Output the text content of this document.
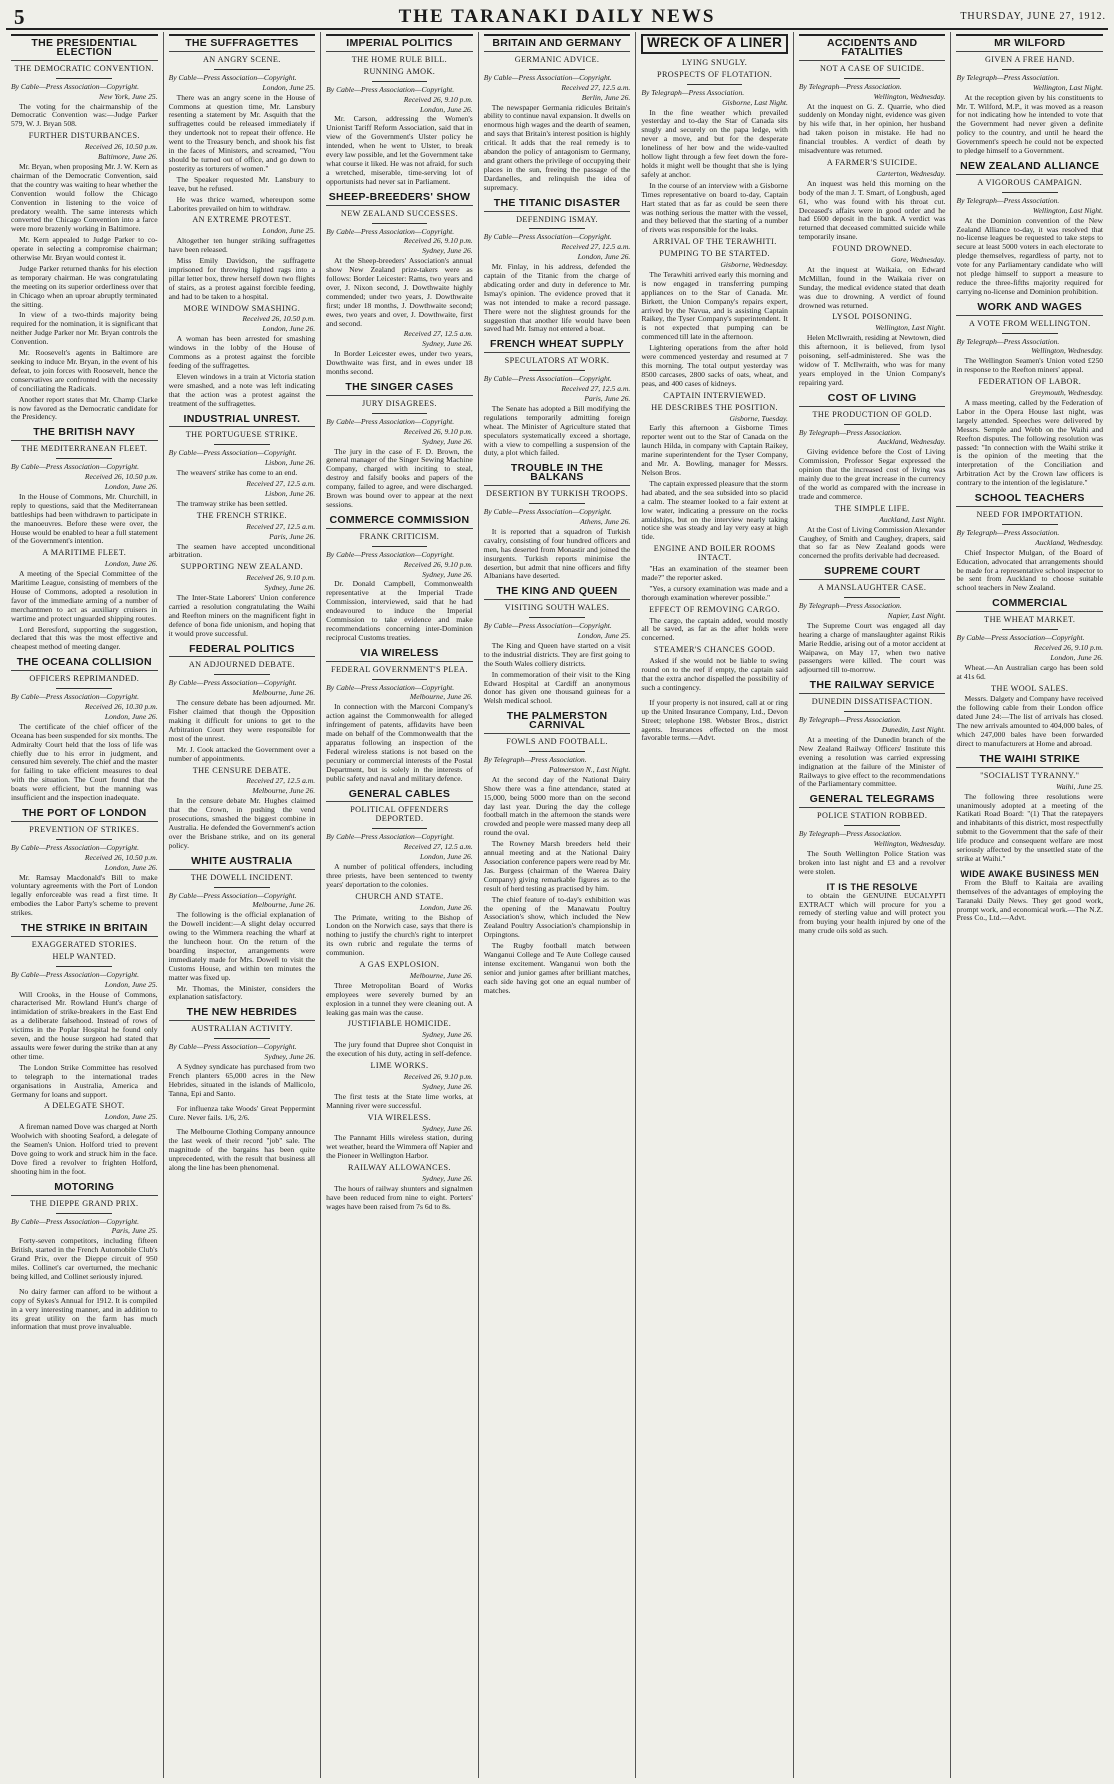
5	THE TARANAKI DAILY NEWS	THURSDAY, JUNE 27, 1912.
THE PRESIDENTIAL ELECTION
THE DEMOCRATIC CONVENTION.
By Cable—Press Association—Copyright.
New York, June 25.
The voting for the chairmanship of the Democratic Convention was:—Judge Parker 579, W. J. Bryan 508.
FURTHER DISTURBANCES.
Received 26, 10.50 p.m.
Baltimore, June 26.
Mr. Bryan, when proposing Mr. J. W. Kern as chairman of the Democratic Convention, said that the country was waiting to hear whether the Convention would follow the Chicago Convention in listening to the voice of predatory wealth. The same interests which converted the Chicago Convention into a farce were more brazenly working in Baltimore.
Mr. Kern appealed to Judge Parker to co-operate in selecting a compromise chairman; otherwise Mr. Bryan would contest it.
Judge Parker returned thanks for his election as temporary chairman. He was congratulating the meeting on its superior orderliness over that in Chicago when an uproar abruptly terminated the sitting.
In view of a two-thirds majority being required for the nomination, it is significant that neither Judge Parker nor Mr. Bryan controls the Convention.
Mr. Roosevelt's agents in Baltimore are seeking to induce Mr. Bryan, in the event of his defeat, to join forces with Roosevelt, hence the conservatives are confronted with the necessity of conciliating the Radicals.
Another report states that Mr. Champ Clarke is now favored as the Democratic candidate for the Presidency.
THE BRITISH NAVY
THE MEDITERRANEAN FLEET.
By Cable—Press Association—Copyright.
Received 26, 10.50 p.m.
London, June 26.
In the House of Commons, Mr. Churchill, in reply to questions, said that the Mediterranean battleships had been withdrawn to participate in the manoeuvres. Before these were over, the House would be enabled to hear a full statement of the Government's intention.
A MARITIME FLEET.
London, June 26.
A meeting of the Special Committee of the Maritime League, consisting of members of the House of Commons, adopted a resolution in favor of the immediate arming of a number of merchantmen to act as auxiliary cruisers in wartime and protect unguarded shipping routes.
Lord Beresford, supporting the suggestion, declared that this was the most effective and cheapest method of meeting danger.
THE OCEANA COLLISION
OFFICERS REPRIMANDED.
By Cable—Press Association—Copyright.
Received 26, 10.30 p.m.
London, June 26.
The certificate of the chief officer of the Oceana has been suspended for six months. The Admiralty Court held that the loss of life was chiefly due to his error in judgment, and censured him severely. The chief and the master for failing to take efficient measures to deal with the situation. The Court found that the boats were efficient, but the manning was insufficient and the inspection inadequate.
THE PORT OF LONDON
PREVENTION OF STRIKES.
By Cable—Press Association—Copyright.
Received 26, 10.50 p.m.
London, June 26.
Mr. Ramsay Macdonald's Bill to make voluntary agreements with the Port of London legally enforceable was read a first time. It embodies the Labor Party's scheme to prevent strikes.
THE STRIKE IN BRITAIN
EXAGGERATED STORIES.
HELP WANTED.
By Cable—Press Association—Copyright.
London, June 25.
Will Crooks, in the House of Commons, characterised Mr. Rowland Hunt's charge of intimidation of strike-breakers in the East End as a deliberate falsehood. Instead of rows of victims in the Poplar Hospital he found only seven, and the house surgeon had stated that assaults were fewer during the strike than at any other time.
The London Strike Committee has resolved to telegraph to the international trades organisations in Australia, America and Germany for loans and support.
A DELEGATE SHOT.
London, June 25.
A fireman named Dove was charged at North Woolwich with shooting Seaford, a delegate of the Seamen's Union. Holford tried to prevent Dove going to work and struck him in the face. Dove fired a revolver to frighten Holford, shooting him in the foot.
MOTORING
THE DIEPPE GRAND PRIX.
By Cable—Press Association—Copyright.
Paris, June 25.
Forty-seven competitors, including fifteen British, started in the French Automobile Club's Grand Prix, over the Dieppe circuit of 950 miles. Collinet's car overturned, the mechanic being killed, and Collinet seriously injured.
No dairy farmer can afford to be without a copy of Sykes's Annual for 1912. It is compiled in a very interesting manner, and in addition to its great utility on the farm has much information that must prove invaluable.
THE SUFFRAGETTES
AN ANGRY SCENE.
By Cable—Press Association—Copyright.
London, June 25.
There was an angry scene in the House of Commons at question time, Mr. Lansbury resenting a statement by Mr. Asquith that the suffragettes could be released immediately if they undertook not to repeat their offence. He went to the Treasury bench, and shook his fist in the faces of Ministers, and screamed, "You should be turned out of office, and go down to posterity as torturers of women."
The Speaker requested Mr. Lansbury to leave, but he refused.
He was thrice warned, whereupon some Laborites prevailed on him to withdraw.
AN EXTREME PROTEST.
London, June 25.
Altogether ten hunger striking suffragettes have been released.
Miss Emily Davidson, the suffragette imprisoned for throwing lighted rags into a pillar letter box, threw herself down two flights of stairs, as a protest against forcible feeding, and had to be taken to a hospital.
MORE WINDOW SMASHING.
Received 26, 10.50 p.m.
London, June 26.
A woman has been arrested for smashing windows in the lobby of the House of Commons as a protest against the forcible feeding of the suffragettes.
Eleven windows in a train at Victoria station were smashed, and a note was left indicating that the action was a protest against the treatment of the suffragettes.
INDUSTRIAL UNREST.
THE PORTUGUESE STRIKE.
By Cable—Press Association—Copyright.
Lisbon, June 26.
The weavers' strike has come to an end.
Received 27, 12.5 a.m.
Lisbon, June 26.
The tramway strike has been settled.
THE FRENCH STRIKE.
Received 27, 12.5 a.m.
Paris, June 26.
The seamen have accepted unconditional arbitration.
SUPPORTING NEW ZEALAND.
Received 26, 9.10 p.m.
Sydney, June 26.
The Inter-State Laborers' Union conference carried a resolution congratulating the Waihi and Reefton miners on the magnificent fight in defence of bona fide unionism, and hoping that it would prove successful.
FEDERAL POLITICS
AN ADJOURNED DEBATE.
By Cable—Press Association—Copyright.
Melbourne, June 26.
The censure debate has been adjourned. Mr. Fisher claimed that though the Opposition making it difficult for unions to get to the Arbitration Court they were responsible for most of the unrest.
Mr. J. Cook attacked the Government over a number of appointments.
THE CENSURE DEBATE.
Received 27, 12.5 a.m.
Melbourne, June 26.
In the censure debate Mr. Hughes claimed that the Crown, in pushing the vend prosecutions, smashed the biggest combine in Australia. He defended the Government's action over the Brisbane strike, and on its general policy.
WHITE AUSTRALIA
THE DOWELL INCIDENT.
By Cable—Press Association—Copyright.
Melbourne, June 26.
The following is the official explanation of the Dowell incident:—A slight delay occurred owing to the Wimmera reaching the wharf at the luncheon hour. On the return of the boarding inspector, arrangements were immediately made for Mrs. Dowell to visit the Customs House, and within ten minutes the matter was fixed up.
Mr. Thomas, the Minister, considers the explanation satisfactory.
THE NEW HEBRIDES
AUSTRALIAN ACTIVITY.
By Cable—Press Association—Copyright.
Sydney, June 26.
A Sydney syndicate has purchased from two French planters 65,000 acres in the New Hebrides, situated in the islands of Mallicolo, Tanna, Epi and Santo.
For influenza take Woods' Great Peppermint Cure. Never fails. 1/6, 2/6.
The Melbourne Clothing Company announce the last week of their record "job" sale. The magnitude of the bargains has been quite unprecedented, with the result that business all along the line has been phenomenal.
IMPERIAL POLITICS
THE HOME RULE BILL.
RUNNING AMOK.
By Cable—Press Association—Copyright.
Received 26, 9.10 p.m.
London, June 26.
Mr. Carson, addressing the Women's Unionist Tariff Reform Association, said that in view of the Government's Ulster policy he intended, when he went to Ulster, to break every law possible, and let the Government take what course it liked. He was not afraid, for such a wretched, miserable, time-serving lot of opportunists had never sat in Parliament.
SHEEP-BREEDERS' SHOW
NEW ZEALAND SUCCESSES.
By Cable—Press Association—Copyright.
Received 26, 9.10 p.m.
Sydney, June 26.
At the Sheep-breeders' Association's annual show New Zealand prize-takers were as follows: Border Leicester: Rams, two years and over, J. Nixon second, J. Dowthwaite highly commended; under two years, J. Dowthwaite first; under 18 months, J. Dowthwaite second; ewes, two years and over, J. Dowthwaite, first and second.
Received 27, 12.5 a.m.
Sydney, June 26.
In Border Leicester ewes, under two years, Dowthwaite was first, and in ewes under 18 months second.
THE SINGER CASES
JURY DISAGREES.
By Cable—Press Association—Copyright.
Received 26, 9.10 p.m.
Sydney, June 26.
The jury in the case of F. D. Brown, the general manager of the Singer Sewing Machine Company, charged with inciting to steal, destroy and falsify books and papers of the company, failed to agree, and were discharged. Brown was bound over to appear at the next sessions.
COMMERCE COMMISSION
FRANK CRITICISM.
By Cable—Press Association—Copyright.
Received 26, 9.10 p.m.
Sydney, June 26.
Dr. Donald Campbell, Commonwealth representative at the Imperial Trade Commission, interviewed, said that he had endeavoured to induce the Imperial Commission to take evidence and make recommendations concerning inter-Dominion reciprocal Customs treaties.
VIA WIRELESS
FEDERAL GOVERNMENT'S PLEA.
By Cable—Press Association—Copyright.
Melbourne, June 26.
In connection with the Marconi Company's action against the Commonwealth for alleged infringement of patents, affidavits have been made on behalf of the Commonwealth that the apparatus following an inspection of the Federal wireless stations is not based on the pecuniary or commercial interests of the Postal Department, but is solely in the interests of public safety and naval and military defence.
GENERAL CABLES
POLITICAL OFFENDERS DEPORTED.
By Cable—Press Association—Copyright.
Received 27, 12.5 a.m.
London, June 26.
A number of political offenders, including three priests, have been sentenced to twenty years' deportation to the colonies.
CHURCH AND STATE.
London, June 26.
The Primate, writing to the Bishop of London on the Norwich case, says that there is nothing to justify the church's right to interpret its own rubric and regulate the terms of communion.
A GAS EXPLOSION.
Melbourne, June 26.
Three Metropolitan Board of Works employees were severely burned by an explosion in a tunnel they were cleaning out. A leaking gas main was the cause.
JUSTIFIABLE HOMICIDE.
Sydney, June 26.
The jury found that Dupree shot Conquist in the execution of his duty, acting in self-defence.
LIME WORKS.
Received 26, 9.10 p.m.
Sydney, June 26.
The first tests at the State lime works, at Manning river were successful.
VIA WIRELESS.
Sydney, June 26.
The Pannamt Hills wireless station, during wet weather, heard the Wimmera off Napier and the Pioneer in Wellington Harbor.
RAILWAY ALLOWANCES.
Sydney, June 26.
The hours of railway shunters and signalmen have been reduced from nine to eight. Porters' wages have been raised from 7s 6d to 8s.
BRITAIN AND GERMANY
GERMANIC ADVICE.
By Cable—Press Association—Copyright.
Received 27, 12.5 a.m.
Berlin, June 26.
The newspaper Germania ridicules Britain's ability to continue naval expansion. It dwells on enormous high wages and the dearth of seamen, and says that Britain's interest position is highly critical. It adds that the real remedy is to abandon the policy of antagonism to Germany, and grant others the privilege of occupying their places in the sun, freeing the passage of the Dardanelles, and relinquish the idea of supremacy.
THE TITANIC DISASTER
DEFENDING ISMAY.
By Cable—Press Association—Copyright.
Received 27, 12.5 a.m.
London, June 26.
Mr. Finlay, in his address, defended the captain of the Titanic from the charge of abdicating order and duty in deference to Mr. Ismay's opinion. The evidence proved that it was not intended to make a record passage. There were not the slightest grounds for the suggestion that another life would have been saved had Mr. Ismay not entered a boat.
FRENCH WHEAT SUPPLY
SPECULATORS AT WORK.
By Cable—Press Association—Copyright.
Received 27, 12.5 a.m.
Paris, June 26.
The Senate has adopted a Bill modifying the regulations temporarily admitting foreign wheat. The Minister of Agriculture stated that speculators systematically exceed a shortage, with a view to compelling a suspension of the duty, a plot which failed.
TROUBLE IN THE BALKANS
DESERTION BY TURKISH TROOPS.
By Cable—Press Association—Copyright.
Athens, June 26.
It is reported that a squadron of Turkish cavalry, consisting of four hundred officers and men, has deserted from Monastir and joined the insurgents. Turkish reports minimise the desertion, but admit that nine officers and fifty Albanians have deserted.
THE KING AND QUEEN
VISITING SOUTH WALES.
By Cable—Press Association—Copyright.
London, June 25.
The King and Queen have started on a visit to the industrial districts. They are first going to the South Wales colliery districts.
In commemoration of their visit to the King Edward Hospital at Cardiff an anonymous donor has given one thousand guineas for a Welsh medical school.
THE PALMERSTON CARNIVAL
FOWLS AND FOOTBALL.
By Telegraph—Press Association.
Palmerston N., Last Night.
At the second day of the National Dairy Show there was a fine attendance, stated at 15,000, being 5000 more than on the second day last year. During the day the college football match in the afternoon the stands were crowded and people were massed many deep all round the oval.
The Rowney Marsh breeders held their annual meeting and at the National Dairy Association conference papers were read by Mr. Jas. Burgess (chairman of the Waerea Dairy Company) giving remarkable figures as to the result of herd testing as practised by him.
The chief feature of to-day's exhibition was the opening of the Manawatu Poultry Association's show, which included the New Zealand Poultry Association's championship in Orpingtons.
The Rugby football match between Wanganui College and Te Aute College caused intense excitement. Wanganui won both the senior and junior games after brilliant matches, each side having got one an equal number of matches.
WRECK OF A LINER
LYING SNUGLY.
PROSPECTS OF FLOTATION.
By Telegraph—Press Association.
Gisborne, Last Night.
In the fine weather which prevailed yesterday and to-day the Star of Canada sits snugly and securely on the papa ledge, with never a move, and but for the desperate loneliness of her bow and the wide-vaulted hollow light through a few feet down the fore-holds it might well be thought that she is lying safely at anchor.
In the course of an interview with a Gisborne Times representative on board to-day, Captain Hart stated that as far as could be seen there was nothing serious the matter with the vessel, and they believed that the starting of a number of rivets was responsible for the leaks.
ARRIVAL OF THE TERAWHITI.
PUMPING TO BE STARTED.
Gisborne, Wednesday.
The Terawhiti arrived early this morning and is now engaged in transferring pumping appliances on to the Star of Canada. Mr. Birkett, the Union Company's repairs expert, arrived by the Navua, and is assisting Captain Raikey, the Tyser Company's superintendent. It is not expected that pumping can be commenced till late in the afternoon.
Lightering operations from the after hold were commenced yesterday and resumed at 7 this morning. The total output yesterday was 8500 carcases, 2800 sacks of oats, wheat, and peas, and 400 cases of kidneys.
CAPTAIN INTERVIEWED.
HE DESCRIBES THE POSITION.
Gisborne, Tuesday.
Early this afternoon a Gisborne Times reporter went out to the Star of Canada on the launch Hilda, in company with Captain Raikey, marine superintendent for the Tyser Company, and Mr. A. Bowling, manager for Messrs. Nelson Bros.
The captain expressed pleasure that the storm had abated, and the sea subsided into so placid a calm. The steamer looked to a fair extent at low water, indicating a pressure on the rocks amidships, but on the interview nearly taking notice she was steady and lay very easy at high tide.
ENGINE AND BOILER ROOMS INTACT.
"Has an examination of the steamer been made?" the reporter asked.
"Yes, a cursory examination was made and a thorough examination wherever possible."
EFFECT OF REMOVING CARGO.
The cargo, the captain added, would mostly all be saved, as far as the after holds were concerned.
STEAMER'S CHANCES GOOD.
Asked if she would not be liable to swing round on to the reef if empty, the captain said that the extra anchor dispelled the possibility of such a contingency.
If your property is not insured, call at or ring up the United Insurance Company, Ltd., Devon Street; telephone 198. Webster Bros., district agents. Insurances effected on the most favorable terms.—Advt.
ACCIDENTS AND FATALITIES
NOT A CASE OF SUICIDE.
By Telegraph—Press Association.
Wellington, Wednesday.
At the inquest on G. Z. Quarrie, who died suddenly on Monday night, evidence was given by his wife that, in her opinion, her husband had taken poison in mistake. He had no financial troubles. A verdict of death by misadventure was returned.
A FARMER'S SUICIDE.
Carterton, Wednesday.
An inquest was held this morning on the body of the man J. T. Smart, of Longbush, aged 61, who was found with his throat cut. Deceased's affairs were in good order and he had £600 deposit in the bank. A verdict was returned that deceased committed suicide while temporarily insane.
FOUND DROWNED.
Gore, Wednesday.
At the inquest at Waikaia, on Edward McMillan, found in the Waikaia river on Sunday, the medical evidence stated that death was due to drowning. A verdict of found drowned was returned.
LYSOL POISONING.
Wellington, Last Night.
Helen McIlwraith, residing at Newtown, died this afternoon, it is believed, from lysol poisoning, self-administered. She was the widow of T. McIlwraith, who was for many years employed in the Union Company's repairing yard.
COST OF LIVING
THE PRODUCTION OF GOLD.
By Telegraph—Press Association.
Auckland, Wednesday.
Giving evidence before the Cost of Living Commission, Professor Segar expressed the opinion that the increased cost of living was mainly due to the great increase in the currency of the world as compared with the increase in trade and commerce.
THE SIMPLE LIFE.
Auckland, Last Night.
At the Cost of Living Commission Alexander Caughey, of Smith and Caughey, drapers, said that so far as New Zealand goods were concerned the profits derivable had decreased.
SUPREME COURT
A MANSLAUGHTER CASE.
By Telegraph—Press Association.
Napier, Last Night.
The Supreme Court was engaged all day hearing a charge of manslaughter against Rikis Marie Reddie, arising out of a motor accident at Waipawa, on May 17, when two native passengers were killed. The court was adjourned till to-morrow.
THE RAILWAY SERVICE
DUNEDIN DISSATISFACTION.
By Telegraph—Press Association.
Dunedin, Last Night.
At a meeting of the Dunedin branch of the New Zealand Railway Officers' Institute this evening a resolution was carried expressing indignation at the failure of the Minister of Railways to give effect to the recommendations of the Parliamentary committee.
GENERAL TELEGRAMS
POLICE STATION ROBBED.
By Telegraph—Press Association.
Wellington, Wednesday.
The South Wellington Police Station was broken into last night and £3 and a revolver were stolen.
IT IS THE RESOLVE
to obtain the GENUINE EUCALYPTI EXTRACT which will procure for you a remedy of sterling value and will protect you from buying your health injured by one of the many crude oils sold as such.
MR WILFORD
GIVEN A FREE HAND.
By Telegraph—Press Association.
Wellington, Last Night.
At the reception given by his constituents to Mr. T. Wilford, M.P., it was moved as a reason for not indicating how he intended to vote that the Government had never given a definite policy to the country, and until he heard the Government's speech he could not be expected to pledge himself to a Government.
NEW ZEALAND ALLIANCE
A VIGOROUS CAMPAIGN.
By Telegraph—Press Association.
Wellington, Last Night.
At the Dominion convention of the New Zealand Alliance to-day, it was resolved that no-license leagues be requested to take steps to secure at least 5000 voters in each electorate to pledge themselves, regardless of party, not to vote for any Parliamentary candidate who will not pledge himself to support a measure to reduce the three-fifths majority required for carrying no-license and Dominion prohibition.
WORK AND WAGES
A VOTE FROM WELLINGTON.
By Telegraph—Press Association.
Wellington, Wednesday.
The Wellington Seamen's Union voted £250 in response to the Reefton miners' appeal.
FEDERATION OF LABOR.
Greymouth, Wednesday.
A mass meeting, called by the Federation of Labor in the Opera House last night, was largely attended. Speeches were delivered by Messrs. Semple and Webb on the Waihi and Reefton disputes. The following resolution was passed: "In connection with the Waihi strike it is the opinion of the meeting that the interpretation of the Conciliation and Arbitration Act by the Crown law officers is contrary to the intention of the legislature."
SCHOOL TEACHERS
NEED FOR IMPORTATION.
By Telegraph—Press Association.
Auckland, Wednesday.
Chief Inspector Mulgan, of the Board of Education, advocated that arrangements should be made for a representative school inspector to be sent from Auckland to choose suitable school teachers in New Zealand.
COMMERCIAL
THE WHEAT MARKET.
By Cable—Press Association—Copyright.
Received 26, 9.10 p.m.
London, June 26.
Wheat.—An Australian cargo has been sold at 41s 6d.
THE WOOL SALES.
Messrs. Dalgety and Company have received the following cable from their London office dated June 24:—The list of arrivals has closed. The new arrivals amounted to 404,000 bales, of which 247,000 bales have been forwarded direct to manufacturers at Home and abroad.
THE WAIHI STRIKE
"SOCIALIST TYRANNY."
Waihi, June 25.
The following three resolutions were unanimously adopted at a meeting of the Katikati Road Board: "(1) That the ratepayers and inhabitants of this district, most respectfully submit to the Government that the safe of their life produce and consequent welfare are most seriously affected by the unsettled state of the strike at Waihi."
WIDE AWAKE BUSINESS MEN
From the Bluff to Kaitaia are availing themselves of the advantages of employing the Taranaki Daily News. They get good work, prompt work, and economical work.—The N.Z. Press Co., Ltd.—Advt.
